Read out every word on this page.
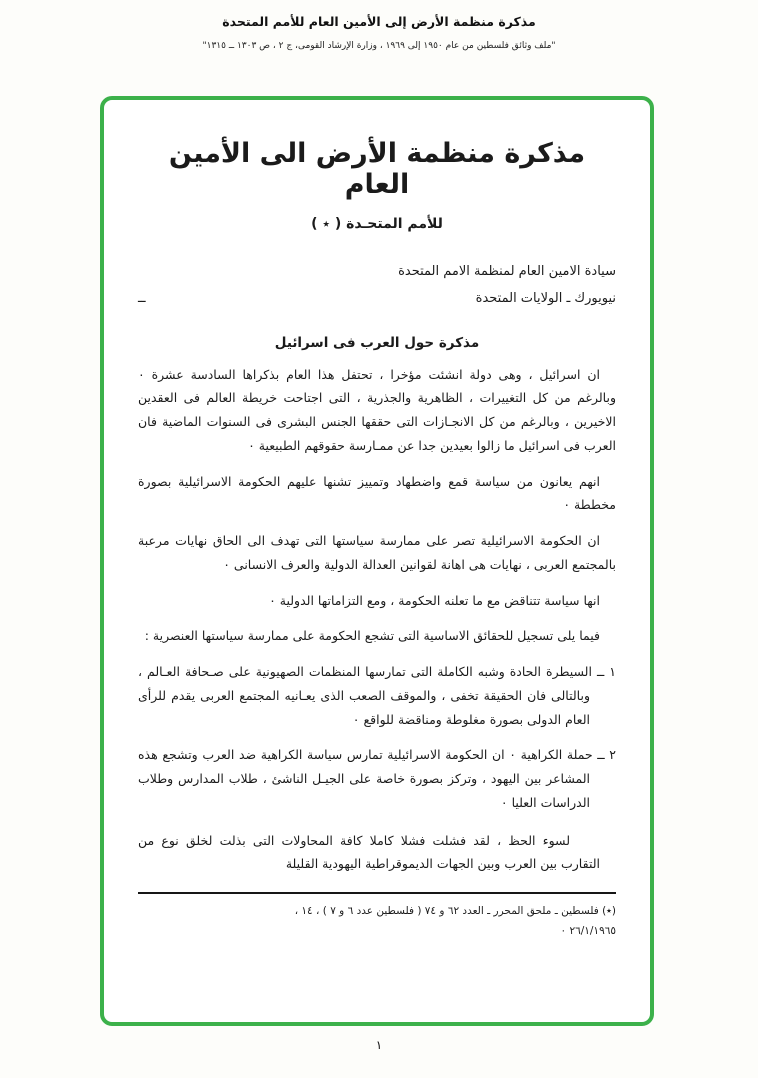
مذكرة منظمة الأرض إلى الأمين العام للأمم المتحدة
"ملف وثائق فلسطين من عام ١٩٥٠ إلى ١٩٦٩ ، وزارة الإرشاد القومى، ج ٢ ، ص ١٣٠٣ ــ ١٣١٥"
مذكرة منظمة الأرض الى الأمين العام
للأمم المتحـدة ( ٭ )
سيادة الامين العام لمنظمة الامم المتحدة
نيويورك ـ الولايات المتحدة
ــ
مذكرة حول العرب فى اسرائيل

ان اسرائيل ، وهى دولة انشئت مؤخرا ، تحتفل هذا العام بذكراها السادسة عشرة ٠ وبالرغم من كل التغييرات ، الظاهرية والجذرية ، التى اجتاحت خريطة العالم فى العقدين الاخيرين ، وبالرغم من كل الانجـازات التى حققها الجنس البشرى فى السنوات الماضية فان العرب فى اسرائيل ما زالوا بعيدين جدا عن ممـارسة حقوقهم الطبيعية ٠

انهم يعانون من سياسة قمع واضطهاد وتمييز تشنها عليهم الحكومة الاسرائيلية بصورة مخططة ٠

ان الحكومة الاسرائيلية تصر على ممارسة سياستها التى تهدف الى الحاق نهايات مرعبة بالمجتمع العربى ، نهايات هى اهانة لقوانين العدالة الدولية والعرف الانسانى ٠

انها سياسة تتناقض مع ما تعلنه الحكومة ، ومع التزاماتها الدولية ٠

فيما يلى تسجيل للحقائق الاساسية التى تشجع الحكومة على ممارسة سياستها العنصرية :

١ ــ السيطرة الحادة وشبه الكاملة التى تمارسها المنظمات الصهيونية على صـحافة العـالم ، وبالتالى فان الحقيقة تخفى ، والموقف الصعب الذى يعـانيه المجتمع العربى يقدم للرأى العام الدولى بصورة مغلوطة ومناقضة للواقع ٠
٢ ــ حملة الكراهية ٠ ان الحكومة الاسرائيلية تمارس سياسة الكراهية ضد العرب وتشجع هذه المشاعر بين اليهود ، وتركز بصورة خاصة على الجيـل الناشئ ، طلاب المدارس وطلاب الدراسات العليا ٠

لسوء الحظ ، لقد فشلت فشلا كاملا كافة المحاولات التى بذلت لخلق نوع من التقارب بين العرب وبين الجهات الديموقراطية اليهودية القليلة

(٭) فلسطين ـ ملحق المحرر ـ العدد ٦٢ و ٧٤ ( فلسطين عدد ٦ و ٧ ) ، ١٤ ،
٢٦/١/١٩٦٥ ٠
١
